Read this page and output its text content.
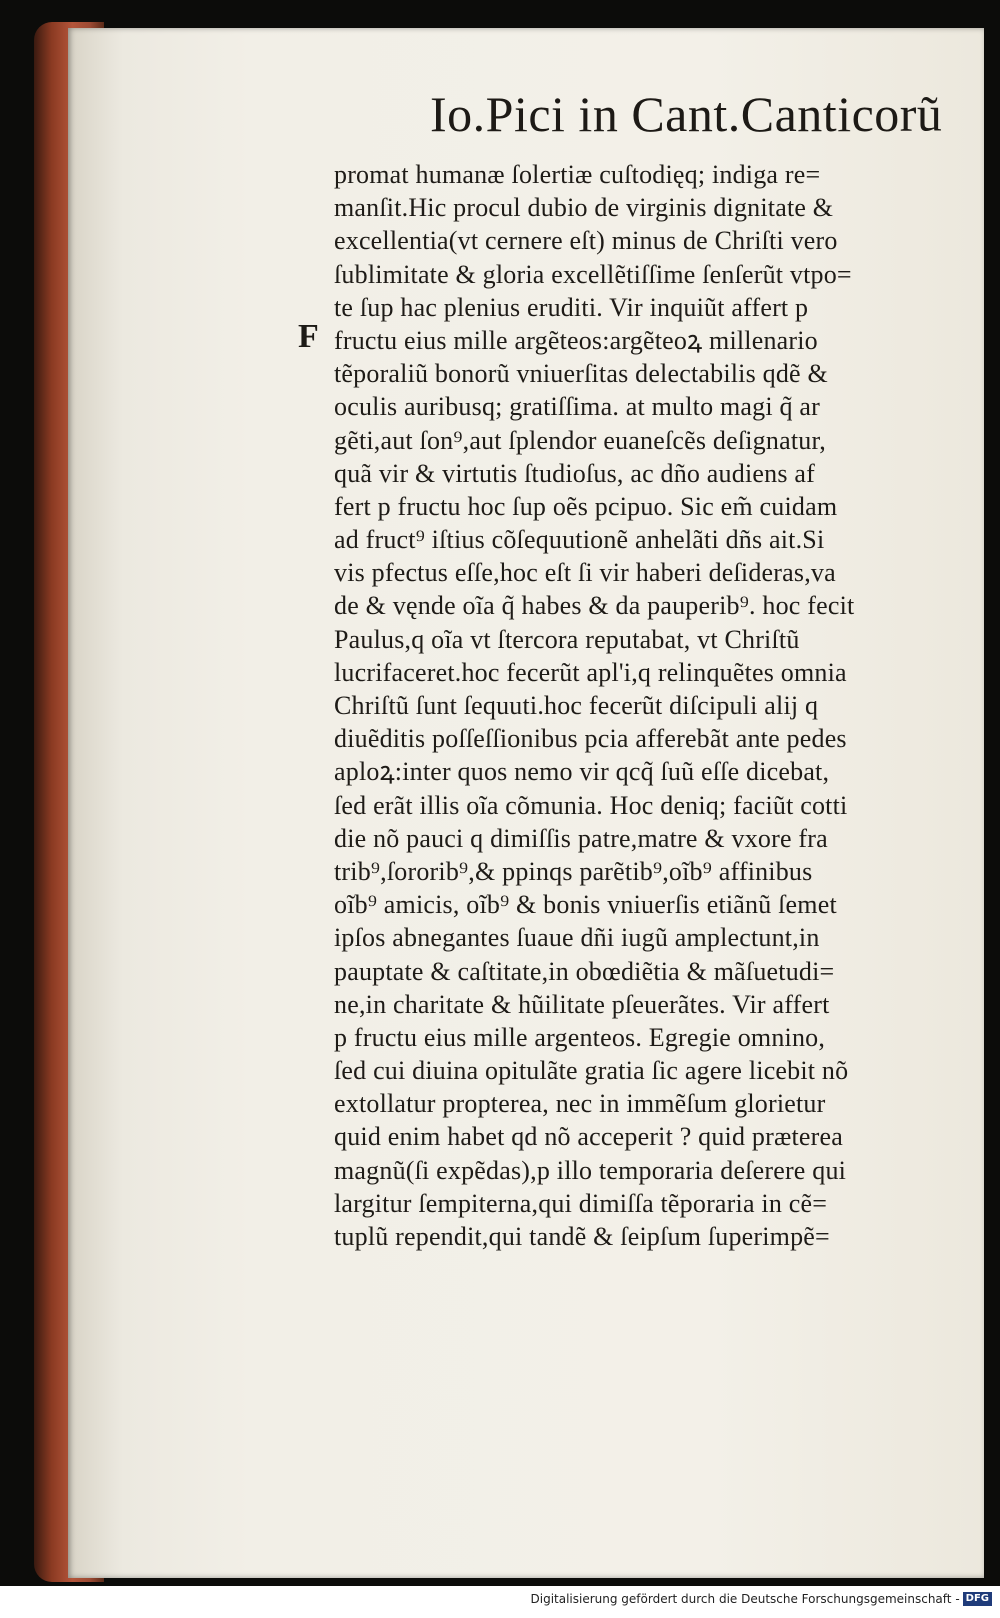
Io.Pici in Cant.Canticorũ
F
promat humanæ ſolertiæ cuſtodięq; indiga re=
manſit.Hic procul dubio de virginis dignitate &
excellentia(vt cernere eſt) minus de Chriſti vero
ſublimitate & gloria excellẽtiſſime ſenſerũt vtpo=
te ſup hac plenius eruditi. Vir inquiũt affert p
fructu eius mille argẽteos:argẽteoꝝ millenario
tẽporaliũ bonorũ vniuerſitas delectabilis qdẽ &
oculis auribusq; gratiſſima. at multo magi q̃ ar
gẽti,aut ſon⁹,aut ſplendor euaneſcẽs deſignatur,
quã vir & virtutis ſtudioſus, ac dño audiens af
fert p fructu hoc ſup oẽs pcipuo. Sic em̃ cuidam
ad fruct⁹ iſtius cõſequutionẽ anhelãti dñs ait.Si
vis pfectus eſſe,hoc eſt ſi vir haberi deſideras,va
de & vęnde oĩa q̃ habes & da pauperib⁹. hoc fecit
Paulus,q oĩa vt ſtercora reputabat, vt Chriſtũ
lucrifaceret.hoc fecerũt apl'i,q relinquẽtes omnia
Chriſtũ ſunt ſequuti.hoc fecerũt diſcipuli alij q
diuẽditis poſſeſſionibus pcia afferebãt ante pedes
aploꝝ:inter quos nemo vir qcq̃ ſuũ eſſe dicebat,
ſed erãt illis oĩa cõmunia. Hoc deniq; faciũt cotti
die nõ pauci q dimiſſis patre,matre & vxore fra
trib⁹,ſororib⁹,& ppinqs parẽtib⁹,oĩb⁹ affinibus
oĩb⁹ amicis, oĩb⁹ & bonis vniuerſis etiãnũ ſemet
ipſos abnegantes ſuaue dñi iugũ amplectunt,in
pauptate & caſtitate,in obœdiẽtia & mãſuetudi=
ne,in charitate & hũilitate pſeuerãtes. Vir affert
p fructu eius mille argenteos. Egregie omnino,
ſed cui diuina opitulãte gratia ſic agere licebit nõ
extollatur propterea, nec in immẽſum glorietur
quid enim habet qd nõ acceperit ? quid præterea
magnũ(ſi expẽdas),p illo temporaria deſerere qui
largitur ſempiterna,qui dimiſſa tẽporaria in cẽ=
tuplũ rependit,qui tandẽ & ſeipſum ſuperimpẽ=
Digitalisierung gefördert durch die Deutsche Forschungsgemeinschaft - DFG
